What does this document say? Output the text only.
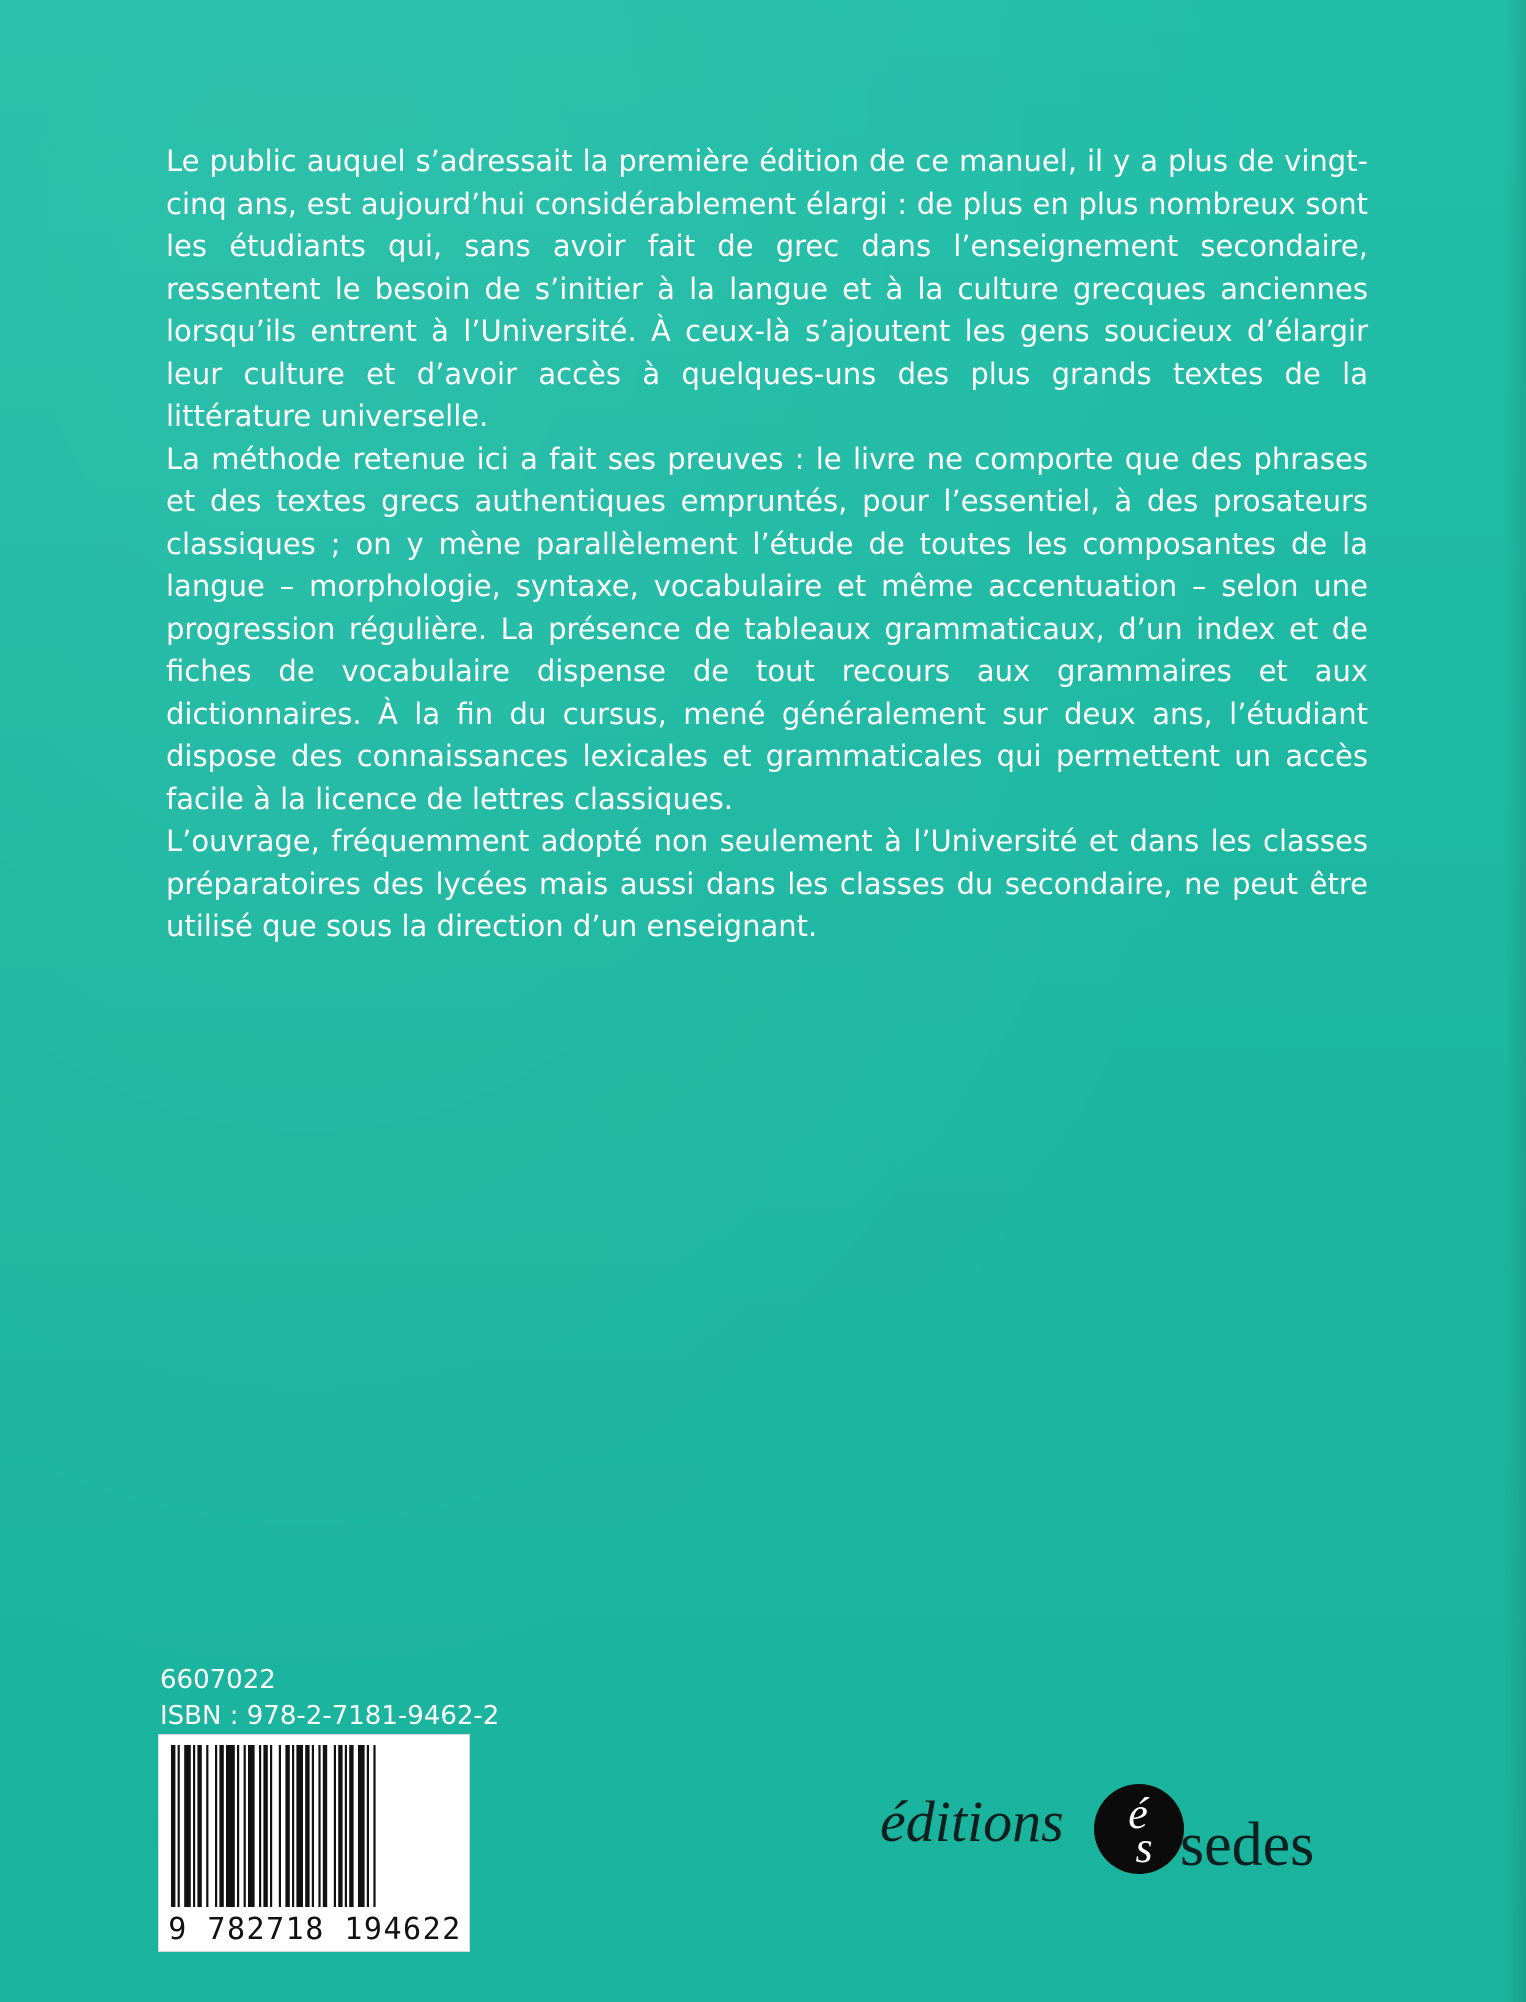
Le public auquel s’adressait la première édition de ce manuel, il y a plus de vingt-cinq ans, est aujourd’hui considérablement élargi : de plus en plus nombreux sont les étudiants qui, sans avoir fait de grec dans l’enseignement secondaire, ressentent le besoin de s’initier à la langue et à la culture grecques anciennes lorsqu’ils entrent à l’Université. À ceux-là s’ajoutent les gens soucieux d’élargir leur culture et d’avoir accès à quelques-uns des plus grands textes de la littérature universelle.

La méthode retenue ici a fait ses preuves : le livre ne comporte que des phrases et des textes grecs authentiques empruntés, pour l’essentiel, à des prosateurs classiques ; on y mène parallèlement l’étude de toutes les composantes de la langue – morphologie, syntaxe, vocabulaire et même accentuation – selon une progression régulière. La présence de tableaux grammaticaux, d’un index et de fiches de vocabulaire dispense de tout recours aux grammaires et aux dictionnaires. À la fin du cursus, mené généralement sur deux ans, l’étudiant dispose des connaissances lexicales et grammaticales qui permettent un accès facile à la licence de lettres classiques.

L’ouvrage, fréquemment adopté non seulement à l’Université et dans les classes préparatoires des lycées mais aussi dans les classes du secondaire, ne peut être utilisé que sous la direction d’un enseignant.

6607022
ISBN : 978-2-7181-9462-2
9 782718 194622
éditions é
s sedes
